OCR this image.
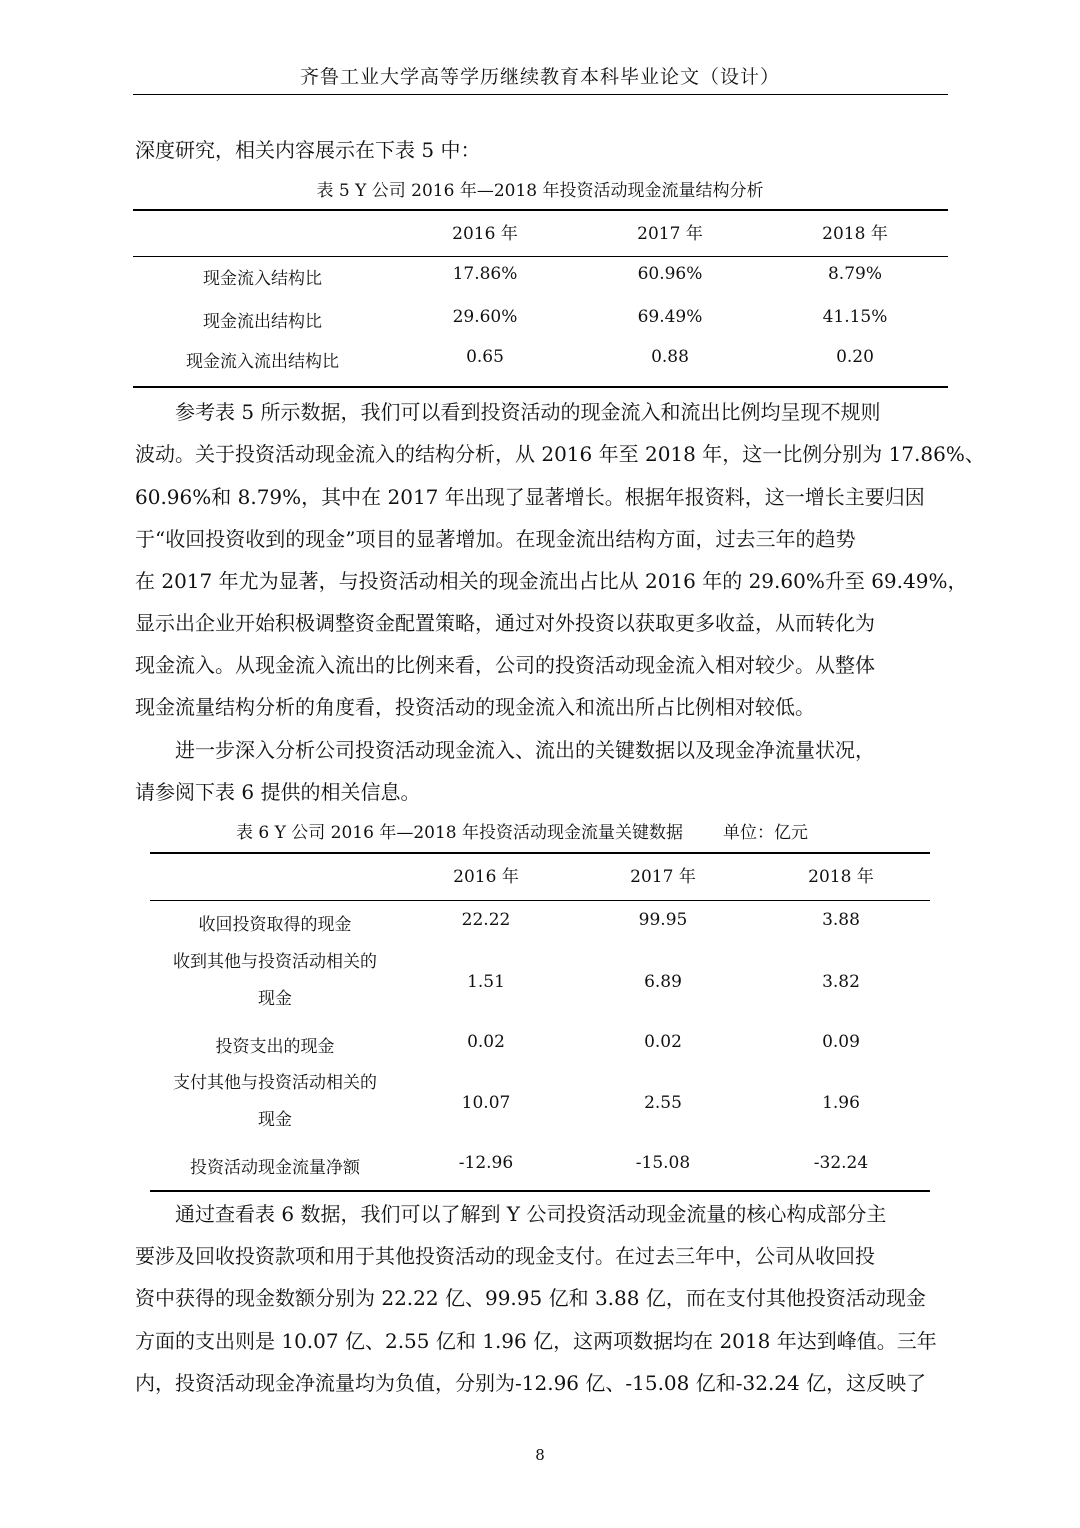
齐鲁工业大学高等学历继续教育本科毕业论文（设计）
深度研究，相关内容展示在下表 5 中：
表 5 Y 公司 2016 年—2018 年投资活动现金流量结构分析
2016 年	2017 年	2018 年
现金流入结构比	17.86%	60.96%	8.79%
现金流出结构比	29.60%	69.49%	41.15%
现金流入流出结构比	0.65	0.88	0.20
　　参考表 5 所示数据，我们可以看到投资活动的现金流入和流出比例均呈现不规则
波动。关于投资活动现金流入的结构分析，从 2016 年至 2018 年，这一比例分别为 17.86%、
60.96%和 8.79%，其中在 2017 年出现了显著增长。根据年报资料，这一增长主要归因
于“收回投资收到的现金”项目的显著增加。在现金流出结构方面，过去三年的趋势
在 2017 年尤为显著，与投资活动相关的现金流出占比从 2016 年的 29.60%升至 69.49%，
显示出企业开始积极调整资金配置策略，通过对外投资以获取更多收益，从而转化为
现金流入。从现金流入流出的比例来看，公司的投资活动现金流入相对较少。从整体
现金流量结构分析的角度看，投资活动的现金流入和流出所占比例相对较低。
　　进一步深入分析公司投资活动现金流入、流出的关键数据以及现金净流量状况，
请参阅下表 6 提供的相关信息。
表 6 Y 公司 2016 年—2018 年投资活动现金流量关键数据 单位：亿元
2016 年	2017 年	2018 年
收回投资取得的现金	22.22	99.95	3.88
收到其他与投资活动相关的现金
1.51	6.89	3.82
投资支出的现金	0.02	0.02	0.09
支付其他与投资活动相关的现金
10.07	2.55	1.96
投资活动现金流量净额	-12.96	-15.08	-32.24
　　通过查看表 6 数据，我们可以了解到 Y 公司投资活动现金流量的核心构成部分主
要涉及回收投资款项和用于其他投资活动的现金支付。在过去三年中，公司从收回投
资中获得的现金数额分别为 22.22 亿、99.95 亿和 3.88 亿，而在支付其他投资活动现金
方面的支出则是 10.07 亿、2.55 亿和 1.96 亿，这两项数据均在 2018 年达到峰值。三年
内，投资活动现金净流量均为负值，分别为-12.96 亿、-15.08 亿和-32.24 亿，这反映了
8
